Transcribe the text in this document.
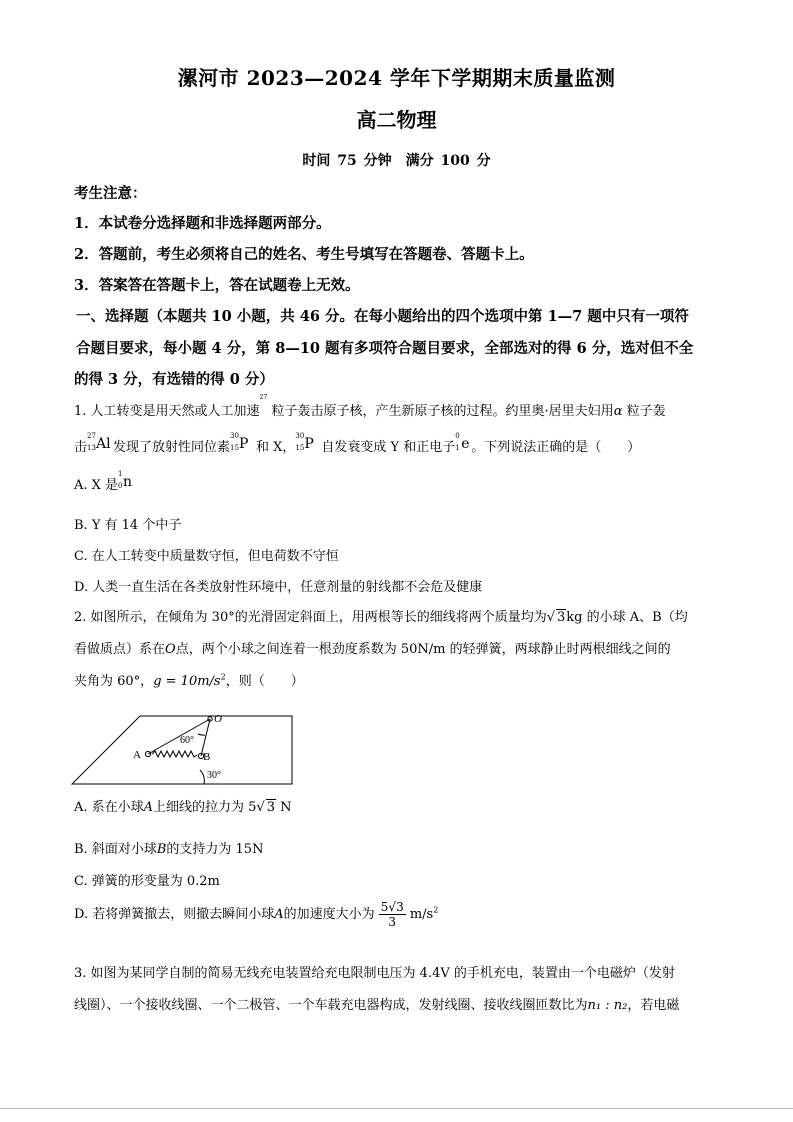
漯河市 2023—2024 学年下学期期末质量监测
高二物理
时间 75 分钟　满分 100 分
考生注意：
1．本试卷分选择题和非选择题两部分。
2．答题前，考生必须将自己的姓名、考生号填写在答题卷、答题卡上。
3．答案答在答题卡上，答在试题卷上无效。
一、选择题（本题共 10 小题，共 46 分。在每小题给出的四个选项中第 1—7 题中只有一项符
合题目要求，每小题 4 分，第 8—10 题有多项符合题目要求，全部选对的得 6 分，选对但不全
的得 3 分，有选错的得 0 分）
1. 人工转变是用天然或人工加速
27
粒子轰击原子核，产生新原子核的过程。约里奥·居里夫妇用α 粒子轰
击
27
13 Al 发现了放射性同位素
30
15 P 和 X，
30
15 P 自发衰变成 Y 和正电子
0
1 e 。下列说法正确的是（　　）
A. X 是
1
0 n
B. Y 有 14 个中子
C. 在人工转变中质量数守恒，但电荷数不守恒
D. 人类一直生活在各类放射性环境中，任意剂量的射线都不会危及健康
2. 如图所示，在倾角为 30°的光滑固定斜面上，用两根等长的细线将两个质量均为√ 3kg 的小球 A、B（均
看做质点）系在O点，两个小球之间连着一根劲度系数为 50N/m 的轻弹簧，两球静止时两根细线之间的
夹角为 60°，$g = 10m/s^2$，则（　　）
O
A	B
60°
30°
A. 系在小球A上细线的拉力为 5√ 3 N
B. 斜面对小球B的支持力为 15N
C. 弹簧的形变量为 0.2m
D. 若将弹簧撤去，则撤去瞬间小球A的加速度大小为 $\frac{5√3}{3} m/s^2$
3. 如图为某同学自制的简易无线充电装置给充电限制电压为 4.4V 的手机充电，装置由一个电磁炉（发射
线圈）、一个接收线圈、一个二极管、一个车载充电器构成，发射线圈、接收线圈匝数比为n₁ : n₂，若电磁
